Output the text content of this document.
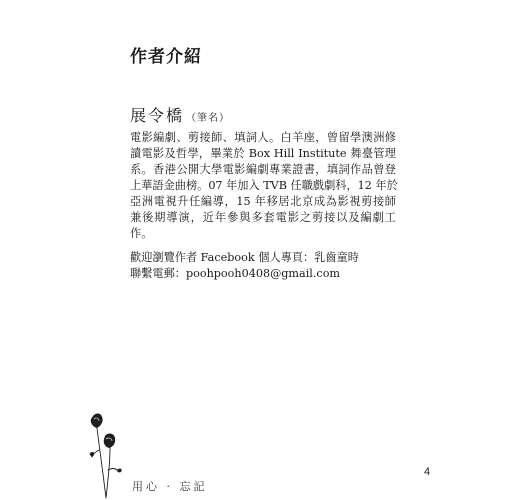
作者介紹
展令橋 （筆名）
電影編劇、剪接師、填詞人。白羊座，曾留學澳洲修
讀電影及哲學，畢業於 Box Hill Institute 舞臺管理
系。香港公開大學電影編劇專業證書，填詞作品曾登
上華語金曲榜。07 年加入 TVB 任職戲劇科，12 年於
亞洲電視升任編導，15 年移居北京成為影視剪接師
兼後期導演，近年參與多套電影之剪接以及編劇工
作。
歡迎瀏覽作者 Facebook 個人專頁：乳齒童時
聯繫電郵：poohpooh0408@gmail.com
用心 · 忘記
4
